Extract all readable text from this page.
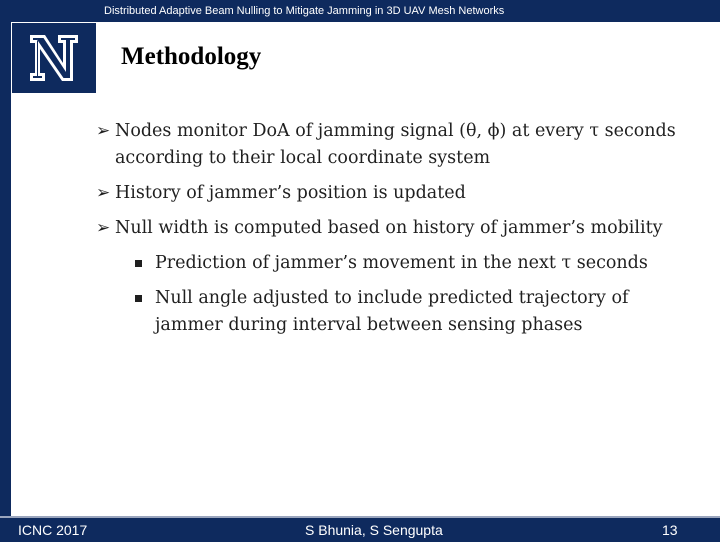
Distributed Adaptive Beam Nulling to Mitigate Jamming in 3D UAV Mesh Networks
Methodology
➢ Nodes monitor DoA of jamming signal (θ, ϕ) at every τ seconds according to their local coordinate system
➢ History of jammer’s position is updated
➢ Null width is computed based on history of jammer’s mobility
Prediction of jammer’s movement in the next τ seconds
Null angle adjusted to include predicted trajectory of jammer during interval between sensing phases
ICNC 2017	S Bhunia, S Sengupta	13
